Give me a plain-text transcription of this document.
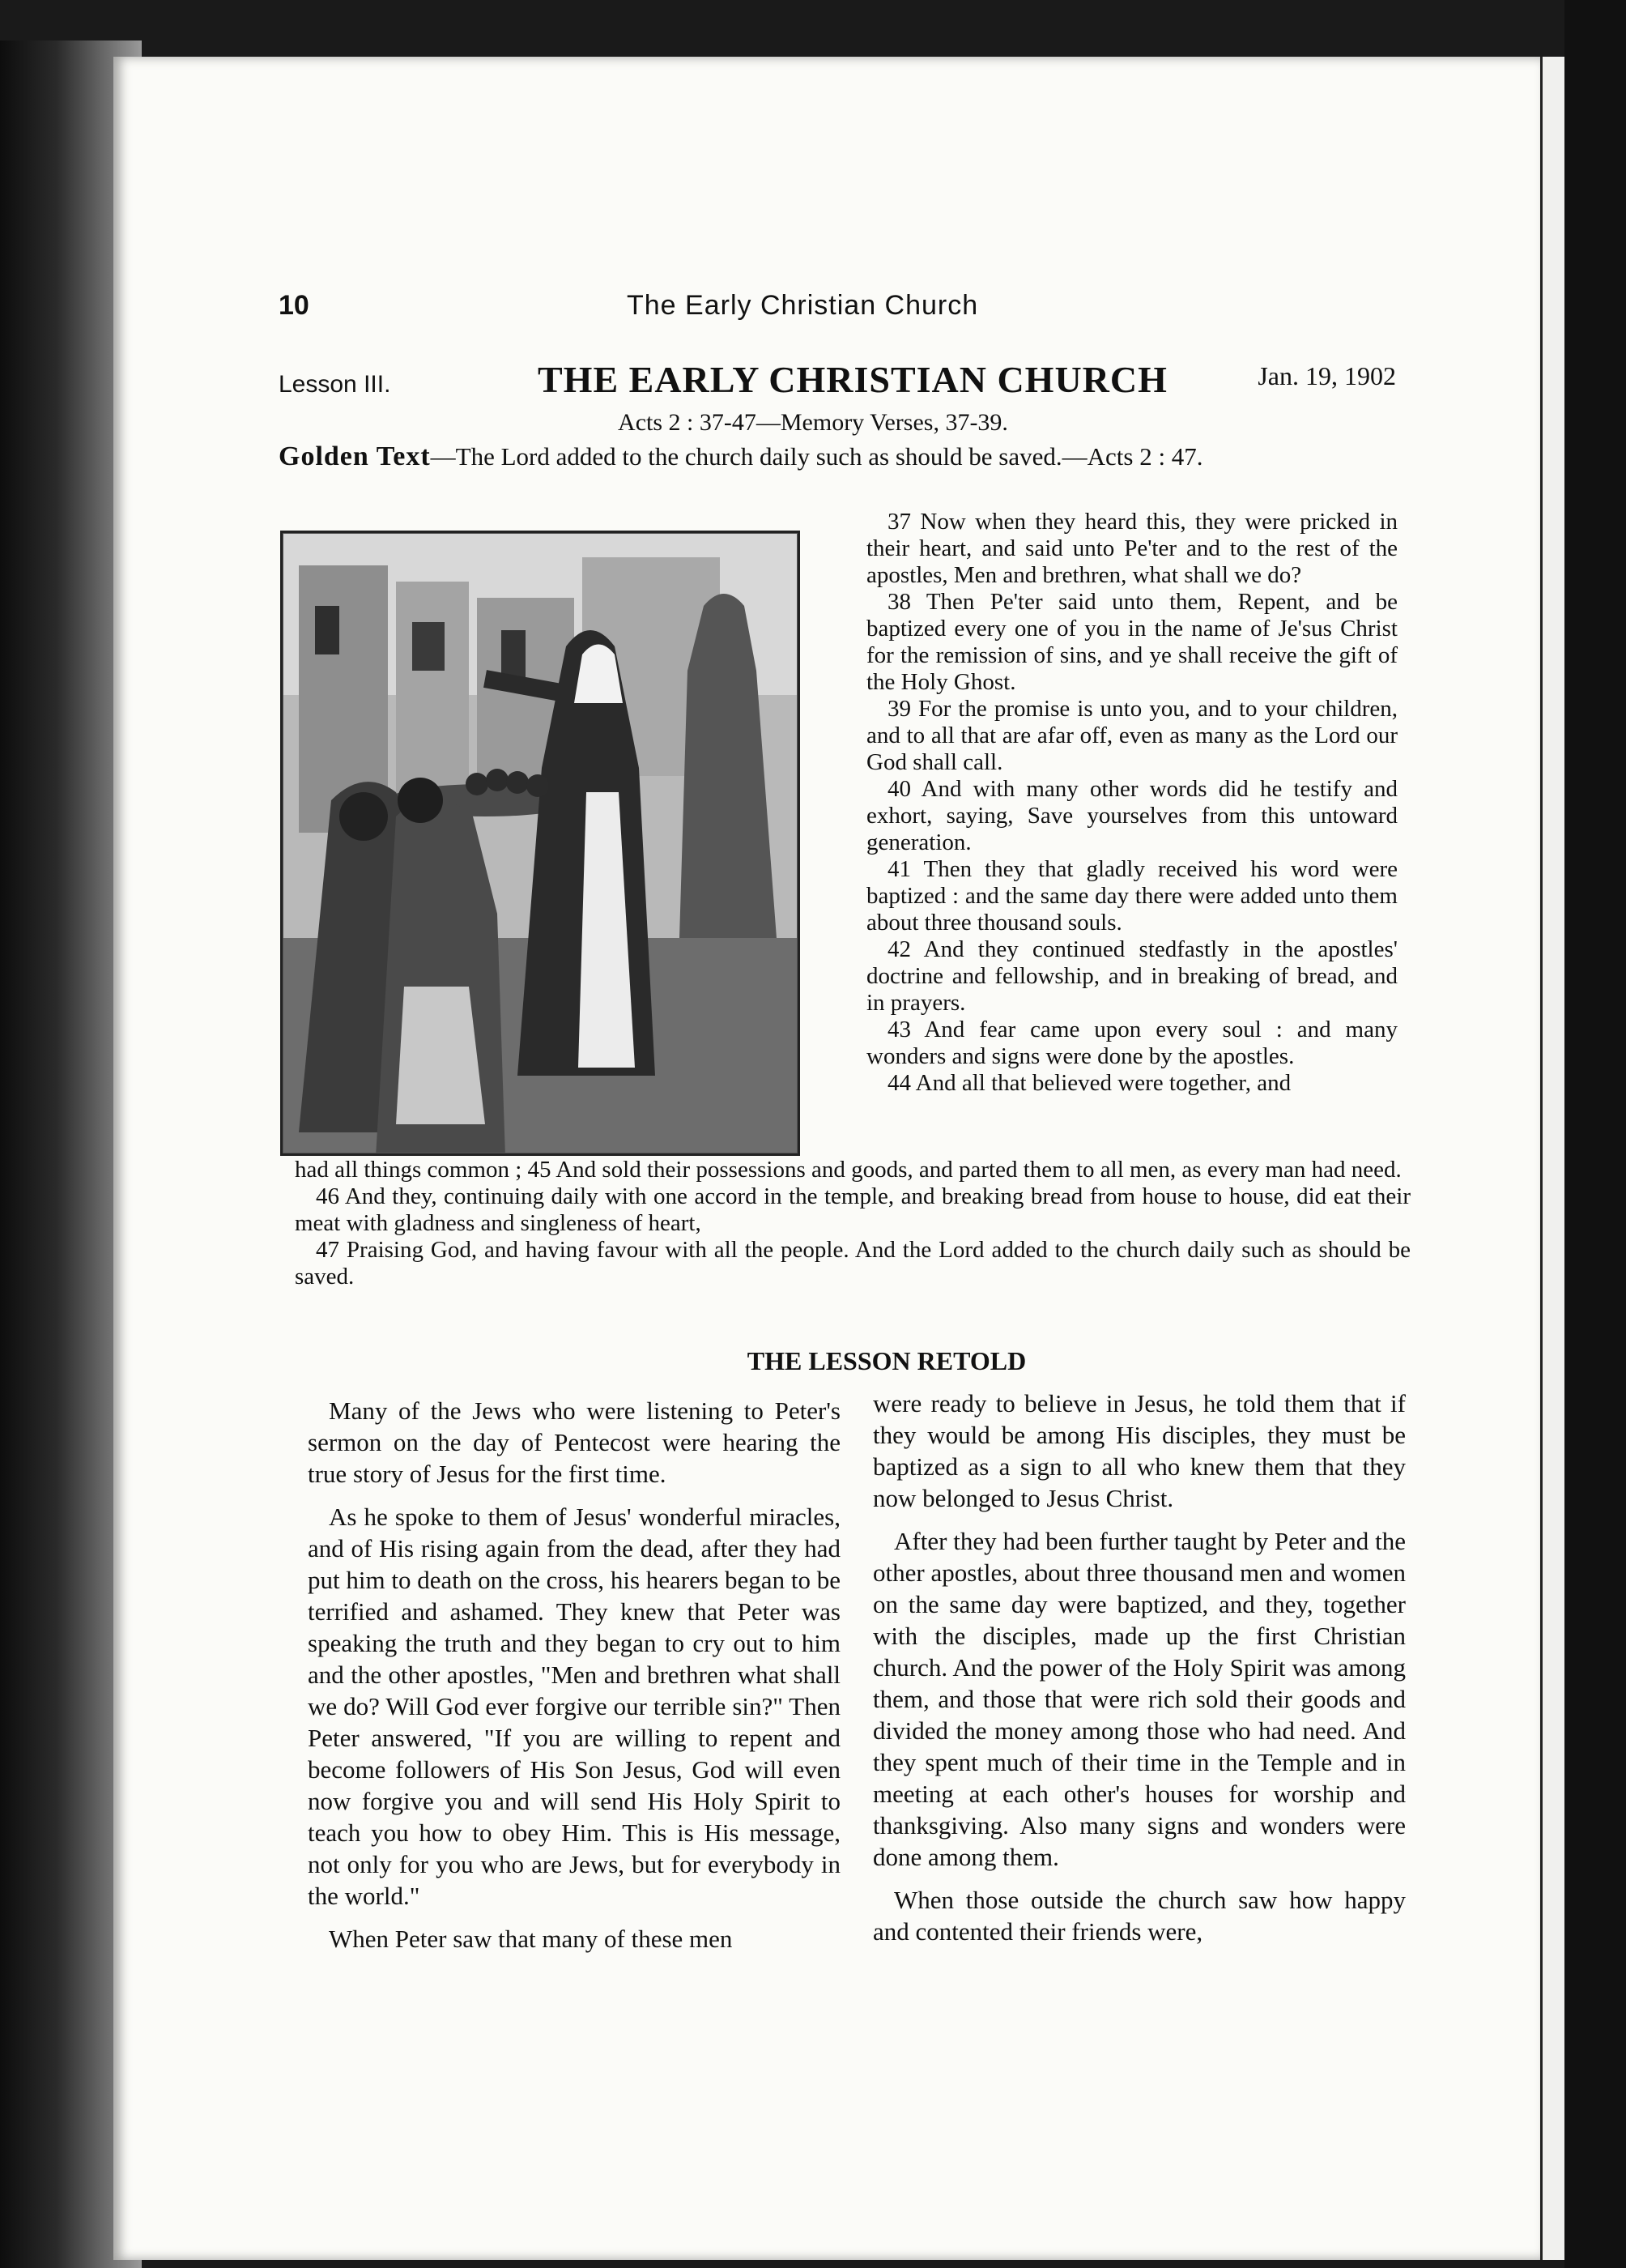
10	The Early Christian Church
Lesson III.	THE EARLY CHRISTIAN CHURCH	Jan. 19, 1902
Acts 2 : 37-47—Memory Verses, 37-39.
Golden Text—The Lord added to the church daily such as should be saved.—Acts 2 : 47.

37 Now when they heard this, they were pricked in their heart, and said unto Pe'ter and to the rest of the apostles, Men and brethren, what shall we do?

38 Then Pe'ter said unto them, Repent, and be baptized every one of you in the name of Je'sus Christ for the remission of sins, and ye shall receive the gift of the Holy Ghost.

39 For the promise is unto you, and to your children, and to all that are afar off, even as many as the Lord our God shall call.

40 And with many other words did he testify and exhort, saying, Save yourselves from this untoward generation.

41 Then they that gladly received his word were baptized : and the same day there were added unto them about three thousand souls.

42 And they continued stedfastly in the apostles' doctrine and fellowship, and in breaking of bread, and in prayers.

43 And fear came upon every soul : and many wonders and signs were done by the apostles.

44 And all that believed were together, and

had all things common ; 45 And sold their possessions and goods, and parted them to all men, as every man had need.

46 And they, continuing daily with one accord in the temple, and breaking bread from house to house, did eat their meat with gladness and singleness of heart,

47 Praising God, and having favour with all the people. And the Lord added to the church daily such as should be saved.

THE LESSON RETOLD

Many of the Jews who were listening to Peter's sermon on the day of Pentecost were hearing the true story of Jesus for the first time.

As he spoke to them of Jesus' wonderful miracles, and of His rising again from the dead, after they had put him to death on the cross, his hearers began to be terrified and ashamed. They knew that Peter was speaking the truth and they began to cry out to him and the other apostles, "Men and brethren what shall we do? Will God ever forgive our terrible sin?" Then Peter answered, "If you are willing to repent and become followers of His Son Jesus, God will even now forgive you and will send His Holy Spirit to teach you how to obey Him. This is His message, not only for you who are Jews, but for everybody in the world."

When Peter saw that many of these men

were ready to believe in Jesus, he told them that if they would be among His disciples, they must be baptized as a sign to all who knew them that they now belonged to Jesus Christ.

After they had been further taught by Peter and the other apostles, about three thousand men and women on the same day were baptized, and they, together with the disciples, made up the first Christian church. And the power of the Holy Spirit was among them, and those that were rich sold their goods and divided the money among those who had need. And they spent much of their time in the Temple and in meeting at each other's houses for worship and thanksgiving. Also many signs and wonders were done among them.

When those outside the church saw how happy and contented their friends were,
